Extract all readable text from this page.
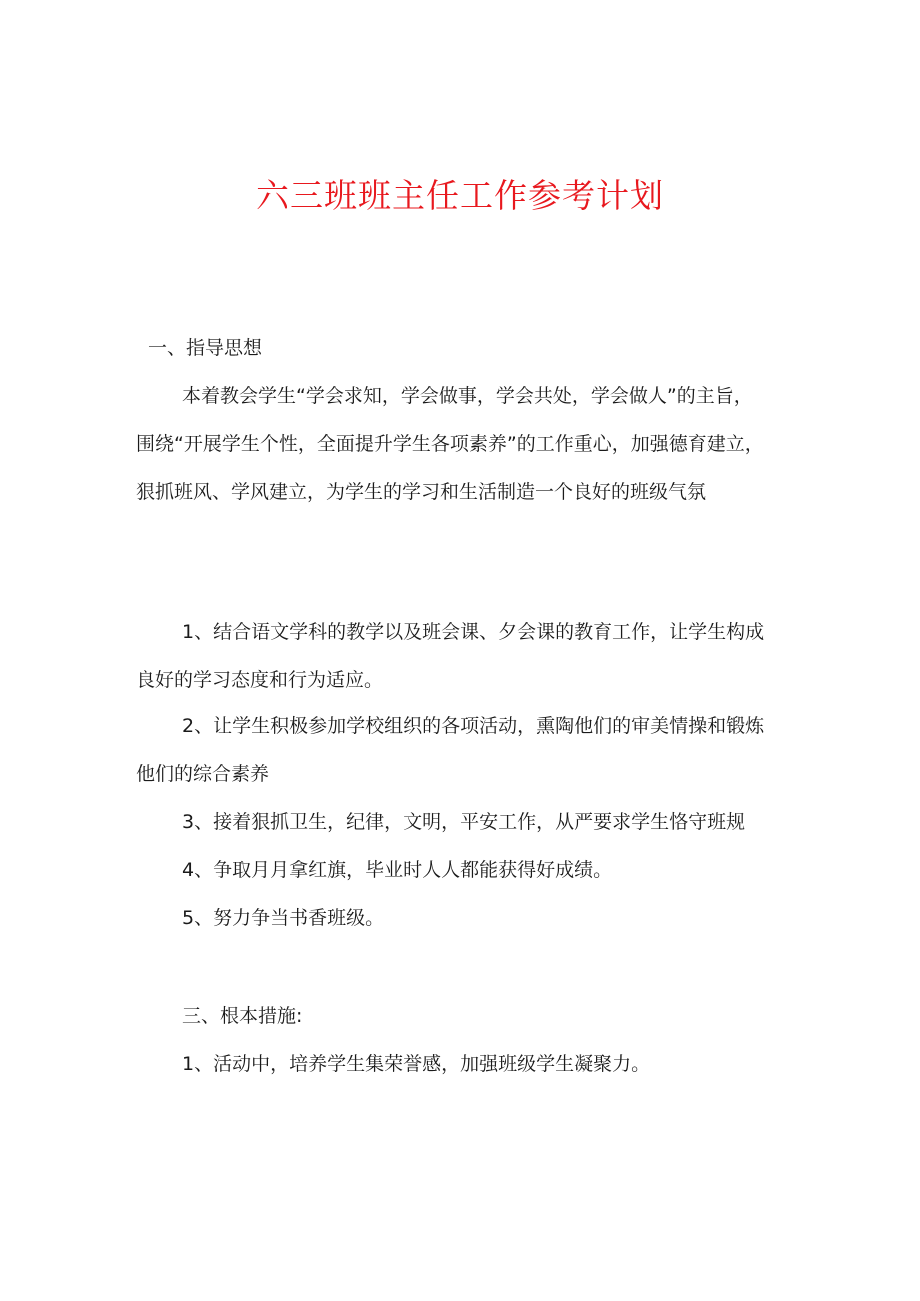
六三班班主任工作参考计划
一、指导思想
本着教会学生“学会求知，学会做事，学会共处，学会做人”的主旨，
围绕“开展学生个性，全面提升学生各项素养”的工作重心，加强德育建立，
狠抓班风、学风建立，为学生的学习和生活制造一个良好的班级气氛
1、结合语文学科的教学以及班会课、夕会课的教育工作，让学生构成
良好的学习态度和行为适应。
2、让学生积极参加学校组织的各项活动，熏陶他们的审美情操和锻炼
他们的综合素养
3、接着狠抓卫生，纪律，文明，平安工作，从严要求学生恪守班规
4、争取月月拿红旗，毕业时人人都能获得好成绩。
5、努力争当书香班级。
三、根本措施:
1、活动中，培养学生集荣誉感，加强班级学生凝聚力。
